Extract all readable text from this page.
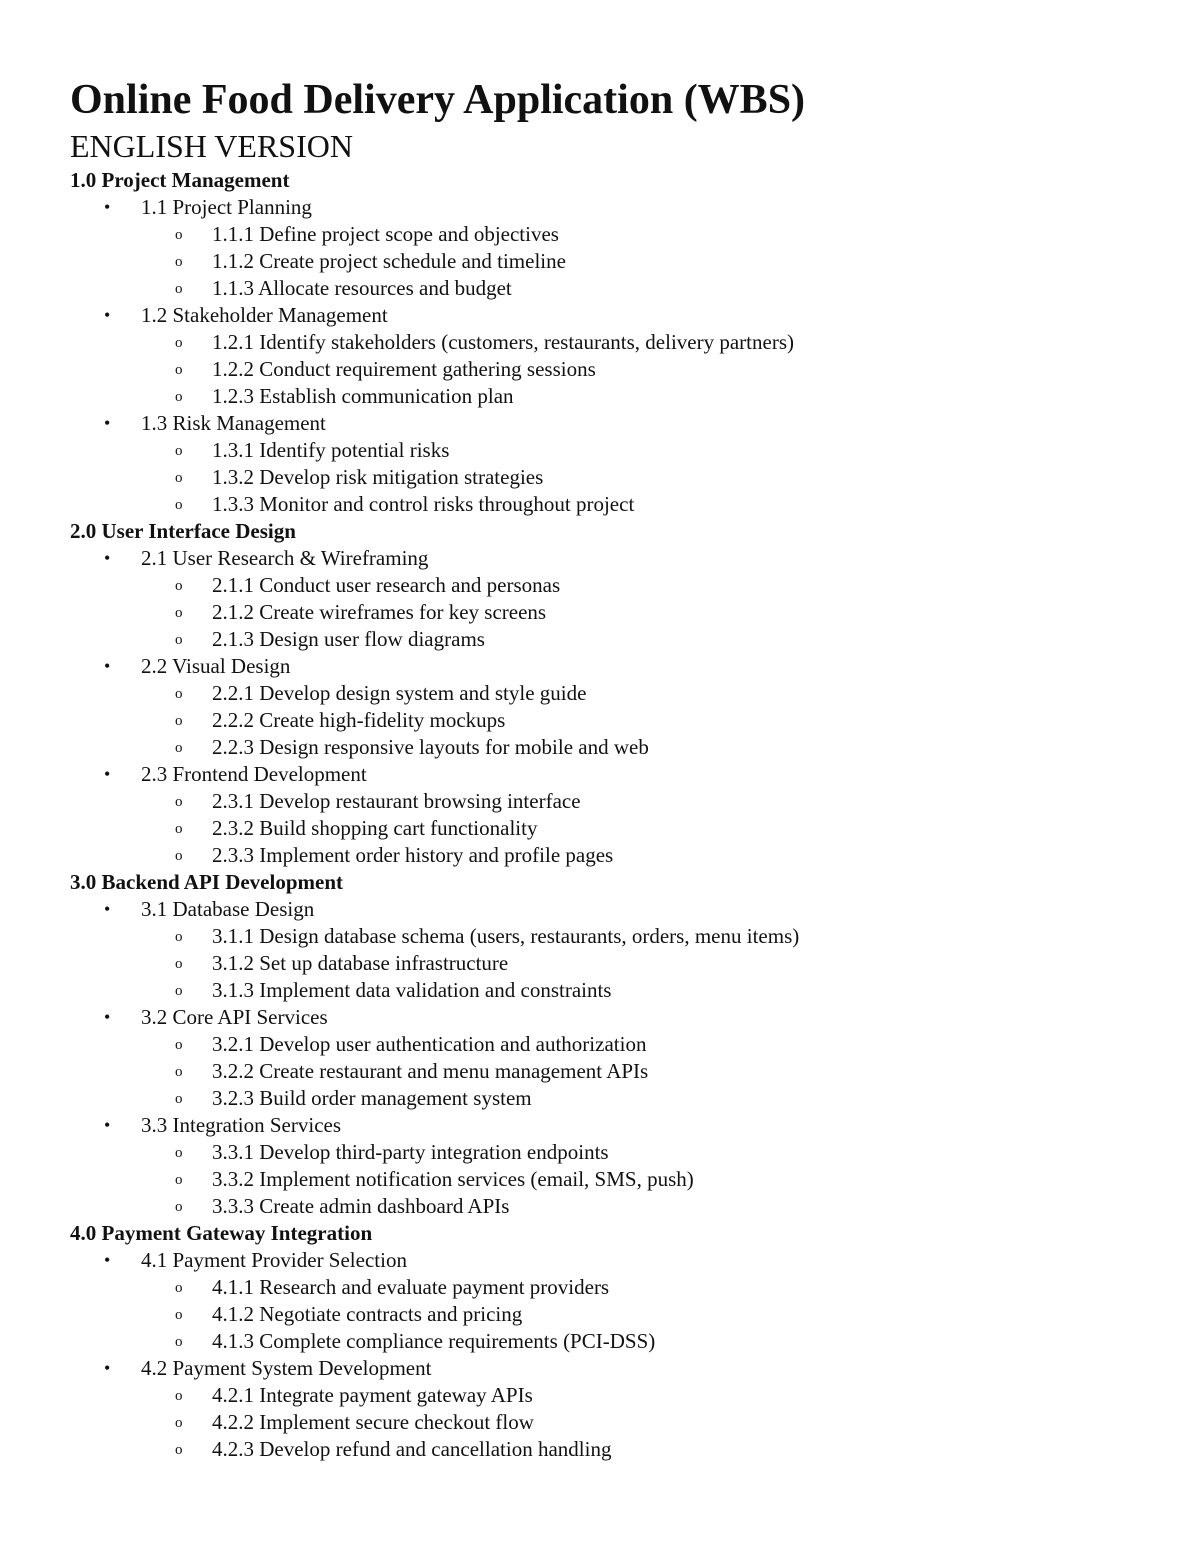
Online Food Delivery Application (WBS)
ENGLISH VERSION
1.0 Project Management
• 1.1 Project Planning
o 1.1.1 Define project scope and objectives
o 1.1.2 Create project schedule and timeline
o 1.1.3 Allocate resources and budget
• 1.2 Stakeholder Management
o 1.2.1 Identify stakeholders (customers, restaurants, delivery partners)
o 1.2.2 Conduct requirement gathering sessions
o 1.2.3 Establish communication plan
• 1.3 Risk Management
o 1.3.1 Identify potential risks
o 1.3.2 Develop risk mitigation strategies
o 1.3.3 Monitor and control risks throughout project
2.0 User Interface Design
• 2.1 User Research & Wireframing
o 2.1.1 Conduct user research and personas
o 2.1.2 Create wireframes for key screens
o 2.1.3 Design user flow diagrams
• 2.2 Visual Design
o 2.2.1 Develop design system and style guide
o 2.2.2 Create high-fidelity mockups
o 2.2.3 Design responsive layouts for mobile and web
• 2.3 Frontend Development
o 2.3.1 Develop restaurant browsing interface
o 2.3.2 Build shopping cart functionality
o 2.3.3 Implement order history and profile pages
3.0 Backend API Development
• 3.1 Database Design
o 3.1.1 Design database schema (users, restaurants, orders, menu items)
o 3.1.2 Set up database infrastructure
o 3.1.3 Implement data validation and constraints
• 3.2 Core API Services
o 3.2.1 Develop user authentication and authorization
o 3.2.2 Create restaurant and menu management APIs
o 3.2.3 Build order management system
• 3.3 Integration Services
o 3.3.1 Develop third-party integration endpoints
o 3.3.2 Implement notification services (email, SMS, push)
o 3.3.3 Create admin dashboard APIs
4.0 Payment Gateway Integration
• 4.1 Payment Provider Selection
o 4.1.1 Research and evaluate payment providers
o 4.1.2 Negotiate contracts and pricing
o 4.1.3 Complete compliance requirements (PCI-DSS)
• 4.2 Payment System Development
o 4.2.1 Integrate payment gateway APIs
o 4.2.2 Implement secure checkout flow
o 4.2.3 Develop refund and cancellation handling
